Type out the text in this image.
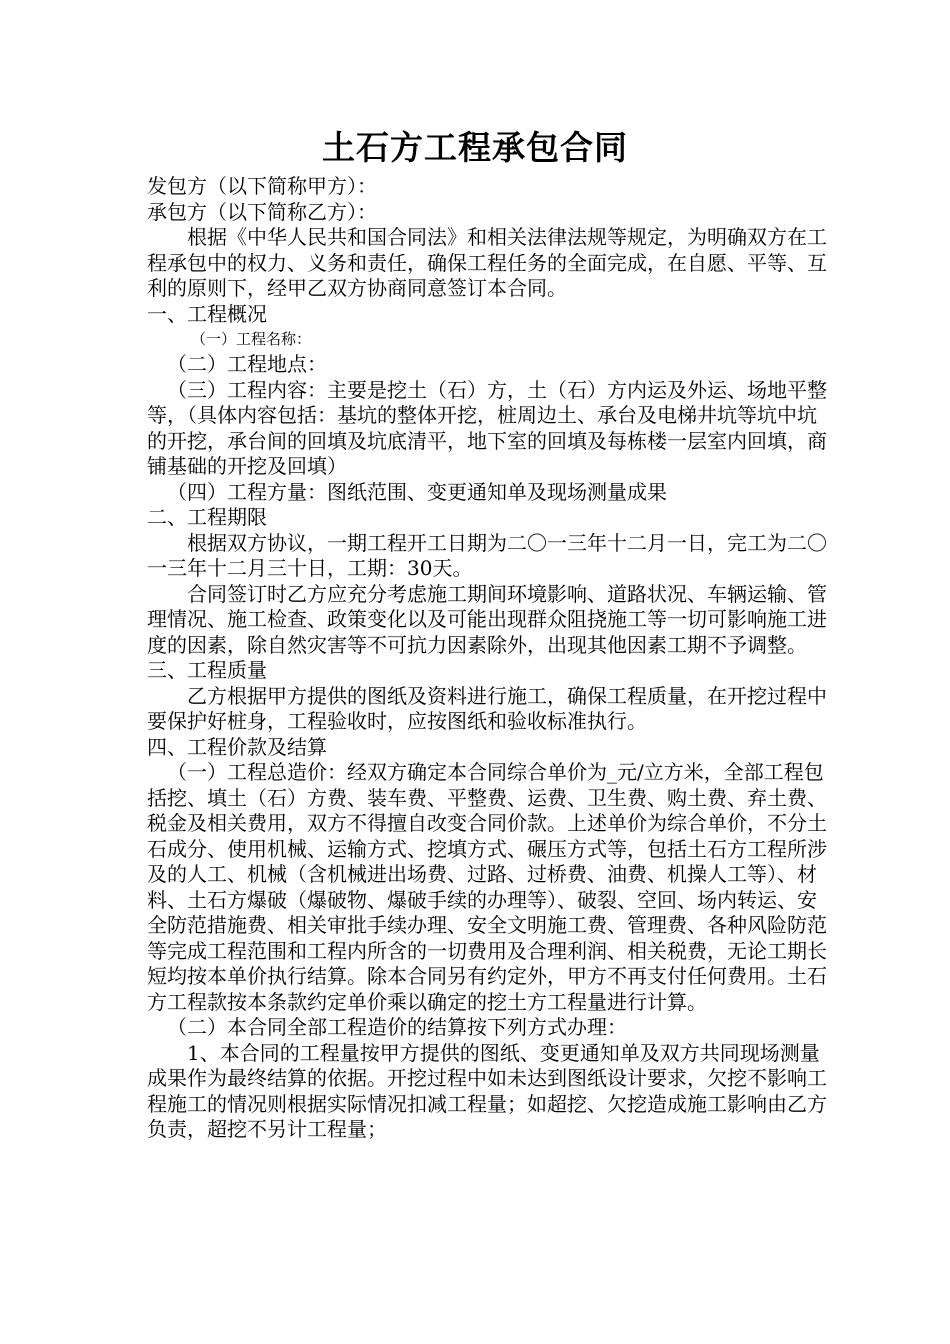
土石方工程承包合同

发包方（以下简称甲方）：

承包方（以下简称乙方）：

根据《中华人民共和国合同法》和相关法律法规等规定，为明确双方在工程承包中的权力、义务和责任，确保工程任务的全面完成，在自愿、平等、互利的原则下，经甲乙双方协商同意签订本合同。

一、工程概况

（一）工程名称：

（二）工程地点：

（三）工程内容：主要是挖土（石）方，土（石）方内运及外运、场地平整等，（具体内容包括：基坑的整体开挖，桩周边土、承台及电梯井坑等坑中坑的开挖，承台间的回填及坑底清平，地下室的回填及每栋楼一层室内回填，商铺基础的开挖及回填）

（四）工程方量：图纸范围、变更通知单及现场测量成果

二、工程期限

根据双方协议，一期工程开工日期为二〇一三年十二月一日，完工为二〇一三年十二月三十日，工期：30天。

合同签订时乙方应充分考虑施工期间环境影响、道路状况、车辆运输、管理情况、施工检查、政策变化以及可能出现群众阻挠施工等一切可影响施工进度的因素，除自然灾害等不可抗力因素除外，出现其他因素工期不予调整。

三、工程质量

乙方根据甲方提供的图纸及资料进行施工，确保工程质量，在开挖过程中要保护好桩身，工程验收时，应按图纸和验收标准执行。

四、工程价款及结算

（一）工程总造价：经双方确定本合同综合单价为_元/立方米，全部工程包括挖、填土（石）方费、装车费、平整费、运费、卫生费、购土费、弃土费、税金及相关费用，双方不得擅自改变合同价款。上述单价为综合单价，不分土石成分、使用机械、运输方式、挖填方式、碾压方式等，包括土石方工程所涉及的人工、机械（含机械进出场费、过路、过桥费、油费、机操人工等）、材料、土石方爆破（爆破物、爆破手续的办理等）、破裂、空回、场内转运、安全防范措施费、相关审批手续办理、安全文明施工费、管理费、各种风险防范等完成工程范围和工程内所含的一切费用及合理利润、相关税费，无论工期长短均按本单价执行结算。除本合同另有约定外，甲方不再支付任何费用。土石方工程款按本条款约定单价乘以确定的挖土方工程量进行计算。

（二）本合同全部工程造价的结算按下列方式办理：

1、本合同的工程量按甲方提供的图纸、变更通知单及双方共同现场测量成果作为最终结算的依据。开挖过程中如未达到图纸设计要求，欠挖不影响工程施工的情况则根据实际情况扣减工程量；如超挖、欠挖造成施工影响由乙方负责，超挖不另计工程量；
